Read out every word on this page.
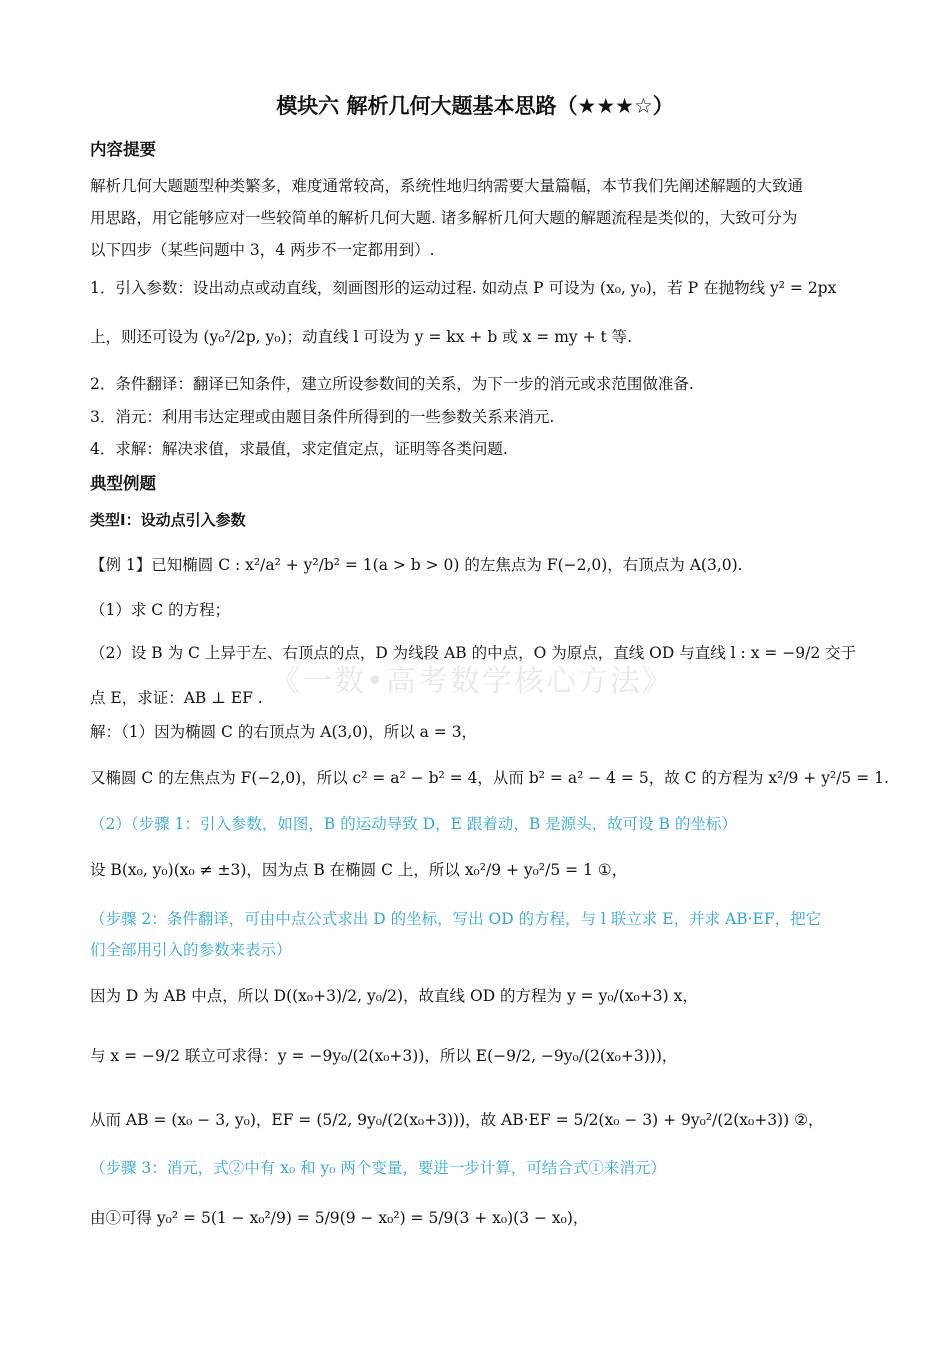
模块六 解析几何大题基本思路（★★★☆）
内容提要
解析几何大题题型种类繁多，难度通常较高，系统性地归纳需要大量篇幅，本节我们先阐述解题的大致通
用思路，用它能够应对一些较简单的解析几何大题. 诸多解析几何大题的解题流程是类似的，大致可分为
以下四步（某些问题中 3，4 两步不一定都用到）.
1．引入参数：设出动点或动直线，刻画图形的运动过程. 如动点 P 可设为 (x₀, y₀)，若 P 在抛物线 y² = 2px
上，则还可设为 (y₀²/2p, y₀)；动直线 l 可设为 y = kx + b 或 x = my + t 等.
2．条件翻译：翻译已知条件，建立所设参数间的关系，为下一步的消元或求范围做准备.
3．消元：利用韦达定理或由题目条件所得到的一些参数关系来消元.
4．求解：解决求值，求最值，求定值定点，证明等各类问题.
典型例题
类型Ⅰ：设动点引入参数
【例 1】已知椭圆 C : x²/a² + y²/b² = 1(a > b > 0) 的左焦点为 F(−2,0)，右顶点为 A(3,0).
（1）求 C 的方程；
（2）设 B 为 C 上异于左、右顶点的点，D 为线段 AB 的中点，O 为原点，直线 OD 与直线 l : x = −9/2 交于
点 E，求证：AB ⊥ EF . 《一数•高考数学核心方法》
解：（1）因为椭圆 C 的右顶点为 A(3,0)，所以 a = 3，
又椭圆 C 的左焦点为 F(−2,0)，所以 c² = a² − b² = 4，从而 b² = a² − 4 = 5，故 C 的方程为 x²/9 + y²/5 = 1.
（2）（步骤 1：引入参数，如图，B 的运动导致 D，E 跟着动，B 是源头，故可设 B 的坐标）
设 B(x₀, y₀)(x₀ ≠ ±3)，因为点 B 在椭圆 C 上，所以 x₀²/9 + y₀²/5 = 1 ①，
（步骤 2：条件翻译，可由中点公式求出 D 的坐标，写出 OD 的方程，与 l 联立求 E，并求 AB·EF，把它
们全部用引入的参数来表示）
因为 D 为 AB 中点，所以 D((x₀+3)/2, y₀/2)，故直线 OD 的方程为 y = y₀/(x₀+3) x，
与 x = −9/2 联立可求得：y = −9y₀/(2(x₀+3))，所以 E(−9/2, −9y₀/(2(x₀+3)))，
从而 AB = (x₀ − 3, y₀)，EF = (5/2, 9y₀/(2(x₀+3)))，故 AB·EF = 5/2(x₀ − 3) + 9y₀²/(2(x₀+3)) ②，
（步骤 3：消元，式②中有 x₀ 和 y₀ 两个变量，要进一步计算，可结合式①来消元）
由①可得 y₀² = 5(1 − x₀²/9) = 5/9(9 − x₀²) = 5/9(3 + x₀)(3 − x₀)，
